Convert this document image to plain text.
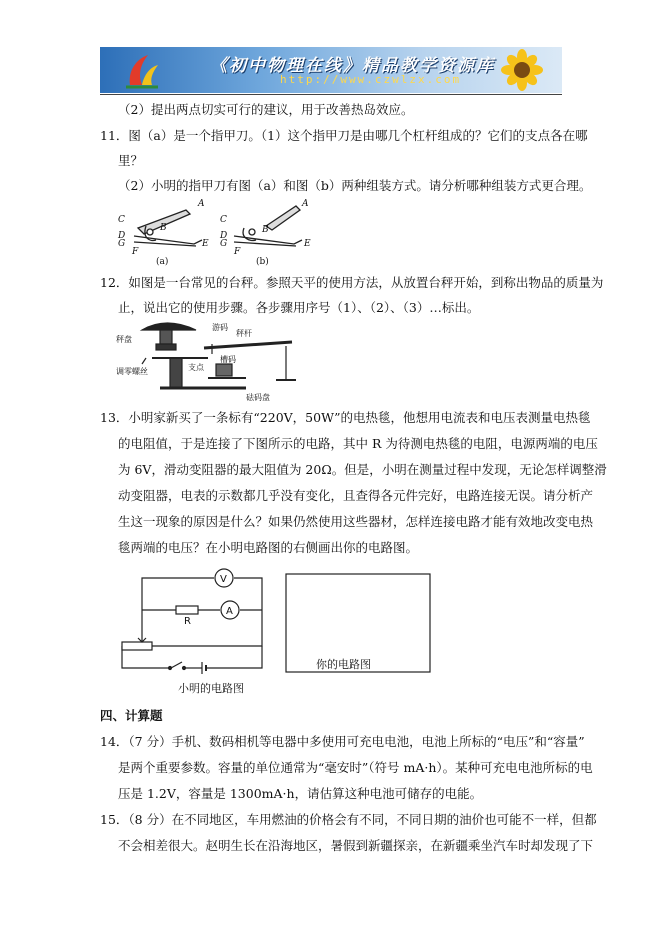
《初中物理在线》精品教学资源库
http://www.czwlzx.com
（2）提出两点切实可行的建议，用于改善热岛效应。
11．图（a）是一个指甲刀。（1）这个指甲刀是由哪几个杠杆组成的？它们的支点各在哪
里？
（2）小明的指甲刀有图（a）和图（b）两种组装方式。请分析哪种组装方式更合理。
C
A
B
D
G	E
F
C
A
B
D
G	E
F
(a)	(b)
12．如图是一台常见的台秤。参照天平的使用方法，从放置台秤开始，到称出物品的质量为
止，说出它的使用步骤。各步骤用序号（1）、（2）、（3）…标出。
秤盘
调零螺丝
游码
秤杆
支点
槽码
砝码盘
13．小明家新买了一条标有“220V，50W”的电热毯，他想用电流表和电压表测量电热毯
的电阻值，于是连接了下图所示的电路，其中 R 为待测电热毯的电阻，电源两端的电压
为 6V，滑动变阻器的最大阻值为 20Ω。但是，小明在测量过程中发现，无论怎样调整滑
动变阻器，电表的示数都几乎没有变化，且查得各元件完好，电路连接无误。请分析产
生这一现象的原因是什么？如果仍然使用这些器材，怎样连接电路才能有效地改变电热
毯两端的电压？在小明电路图的右侧画出你的电路图。
V
A
R
小明的电路图
你的电路图
四、计算题
14．（7 分）手机、数码相机等电器中多使用可充电电池，电池上所标的“电压”和“容量”
是两个重要参数。容量的单位通常为“毫安时”（符号 mA·h）。某种可充电电池所标的电
压是 1.2V，容量是 1300mA·h，请估算这种电池可储存的电能。
15．（8 分）在不同地区，车用燃油的价格会有不同，不同日期的油价也可能不一样，但都
不会相差很大。赵明生长在沿海地区，暑假到新疆探亲，在新疆乘坐汽车时却发现了下
